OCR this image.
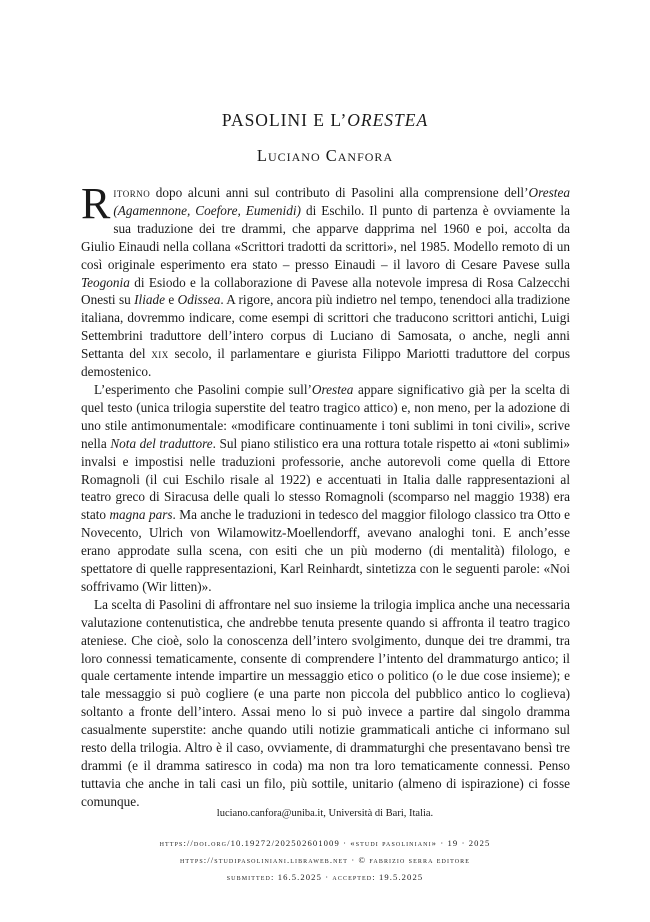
PASOLINI E L’ORESTEA
Luciano Canfora

Ritorno dopo alcuni anni sul contributo di Pasolini alla comprensione dell’Orestea (Agamennone, Coefore, Eumenidi) di Eschilo. Il punto di partenza è ovviamente la sua traduzione dei tre drammi, che apparve dapprima nel 1960 e poi, accolta da Giulio Einaudi nella collana «Scrittori tradotti da scrittori», nel 1985. Modello remoto di un così originale esperimento era stato – presso Einaudi – il lavoro di Cesare Pavese sulla Teogonia di Esiodo e la collaborazione di Pavese alla notevole impresa di Rosa Calzecchi Onesti su Iliade e Odissea. A rigore, ancora più indietro nel tempo, tenendoci alla tradizione italiana, dovremmo indicare, come esempi di scrittori che traducono scrittori antichi, Luigi Settembrini traduttore dell’intero corpus di Luciano di Samosata, o anche, negli anni Settanta del xix secolo, il parlamentare e giurista Filippo Mariotti traduttore del corpus demostenico.

L’esperimento che Pasolini compie sull’Orestea appare significativo già per la scelta di quel testo (unica trilogia superstite del teatro tragico attico) e, non meno, per la adozione di uno stile antimonumentale: «modificare continuamente i toni sublimi in toni civili», scrive nella Nota del traduttore. Sul piano stilistico era una rottura totale rispetto ai «toni sublimi» invalsi e impostisi nelle traduzioni professorie, anche autorevoli come quella di Ettore Romagnoli (il cui Eschilo risale al 1922) e accentuati in Italia dalle rappresentazioni al teatro greco di Siracusa delle quali lo stesso Romagnoli (scomparso nel maggio 1938) era stato magna pars. Ma anche le traduzioni in tedesco del maggior filologo classico tra Otto e Novecento, Ulrich von Wilamowitz-Moellendorff, avevano analoghi toni. E anch’esse erano approdate sulla scena, con esiti che un più moderno (di mentalità) filologo, e spettatore di quelle rappresentazioni, Karl Reinhardt, sintetizza con le seguenti parole: «Noi soffrivamo (Wir litten)».

La scelta di Pasolini di affrontare nel suo insieme la trilogia implica anche una necessaria valutazione contenutistica, che andrebbe tenuta presente quando si affronta il teatro tragico ateniese. Che cioè, solo la conoscenza dell’intero svolgimento, dunque dei tre drammi, tra loro connessi tematicamente, consente di comprendere l’intento del drammaturgo antico; il quale certamente intende impartire un messaggio etico o politico (o le due cose insieme); e tale messaggio si può cogliere (e una parte non piccola del pubblico antico lo coglieva) soltanto a fronte dell’intero. Assai meno lo si può invece a partire dal singolo dramma casualmente superstite: anche quando utili notizie grammaticali antiche ci informano sul resto della trilogia. Altro è il caso, ovviamente, di drammaturghi che presentavano bensì tre drammi (e il dramma satiresco in coda) ma non tra loro tematicamente connessi. Penso tuttavia che anche in tali casi un filo, più sottile, unitario (almeno di ispirazione) ci fosse comunque.

luciano.canfora@uniba.it, Università di Bari, Italia.
https://doi.org/10.19272/202502601009 · «studi pasoliniani» · 19 · 2025
https://studipasoliniani.libraweb.net · © fabrizio serra editore
submitted: 16.5.2025 · accepted: 19.5.2025
